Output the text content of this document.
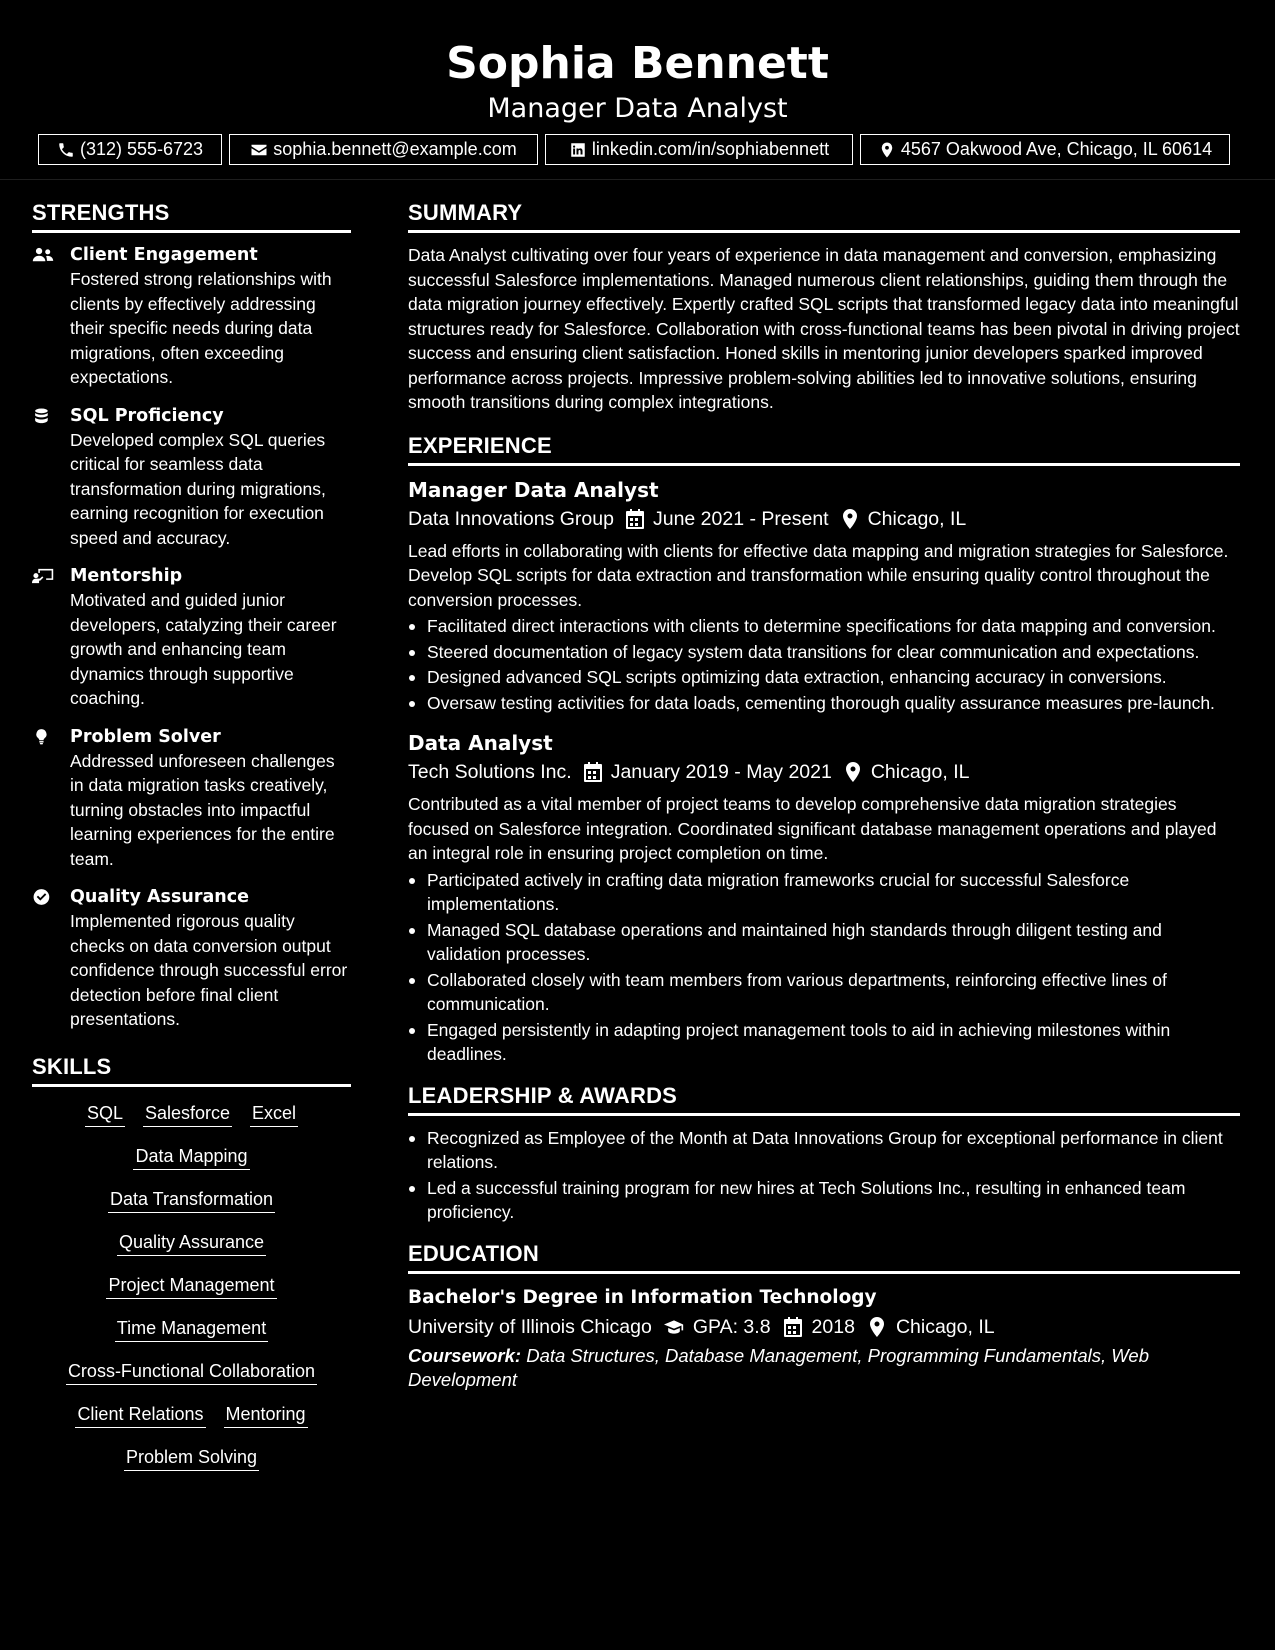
Sophia Bennett
Manager Data Analyst
(312) 555-6723	sophia.bennett@example.com	linkedin.com/in/sophiabennett	4567 Oakwood Ave, Chicago, IL 60614
STRENGTHS
Client Engagement
Fostered strong relationships with clients by effectively addressing their specific needs during data migrations, often exceeding expectations.
SQL Proficiency
Developed complex SQL queries critical for seamless data transformation during migrations, earning recognition for execution speed and accuracy.
Mentorship
Motivated and guided junior developers, catalyzing their career growth and enhancing team dynamics through supportive coaching.
Problem Solver
Addressed unforeseen challenges in data migration tasks creatively, turning obstacles into impactful learning experiences for the entire team.
Quality Assurance
Implemented rigorous quality checks on data conversion output confidence through successful error detection before final client presentations.
SKILLS
SQL Salesforce Excel
Data Mapping
Data Transformation
Quality Assurance
Project Management
Time Management
Cross-Functional Collaboration
Client Relations Mentoring
Problem Solving
SUMMARY
Data Analyst cultivating over four years of experience in data management and conversion, emphasizing successful Salesforce implementations. Managed numerous client relationships, guiding them through the data migration journey effectively. Expertly crafted SQL scripts that transformed legacy data into meaningful structures ready for Salesforce. Collaboration with cross-functional teams has been pivotal in driving project success and ensuring client satisfaction. Honed skills in mentoring junior developers sparked improved performance across projects. Impressive problem-solving abilities led to innovative solutions, ensuring smooth transitions during complex integrations.
EXPERIENCE
Manager Data Analyst
Data Innovations Group June 2021 - Present Chicago, IL
Lead efforts in collaborating with clients for effective data mapping and migration strategies for Salesforce. Develop SQL scripts for data extraction and transformation while ensuring quality control throughout the conversion processes.
Facilitated direct interactions with clients to determine specifications for data mapping and conversion.
Steered documentation of legacy system data transitions for clear communication and expectations.
Designed advanced SQL scripts optimizing data extraction, enhancing accuracy in conversions.
Oversaw testing activities for data loads, cementing thorough quality assurance measures pre-launch.
Data Analyst
Tech Solutions Inc. January 2019 - May 2021 Chicago, IL
Contributed as a vital member of project teams to develop comprehensive data migration strategies focused on Salesforce integration. Coordinated significant database management operations and played an integral role in ensuring project completion on time.
Participated actively in crafting data migration frameworks crucial for successful Salesforce implementations.
Managed SQL database operations and maintained high standards through diligent testing and validation processes.
Collaborated closely with team members from various departments, reinforcing effective lines of communication.
Engaged persistently in adapting project management tools to aid in achieving milestones within deadlines.
LEADERSHIP & AWARDS
Recognized as Employee of the Month at Data Innovations Group for exceptional performance in client relations.
Led a successful training program for new hires at Tech Solutions Inc., resulting in enhanced team proficiency.
EDUCATION
Bachelor's Degree in Information Technology
University of Illinois Chicago GPA: 3.8 2018 Chicago, IL
Coursework: Data Structures, Database Management, Programming Fundamentals, Web Development
